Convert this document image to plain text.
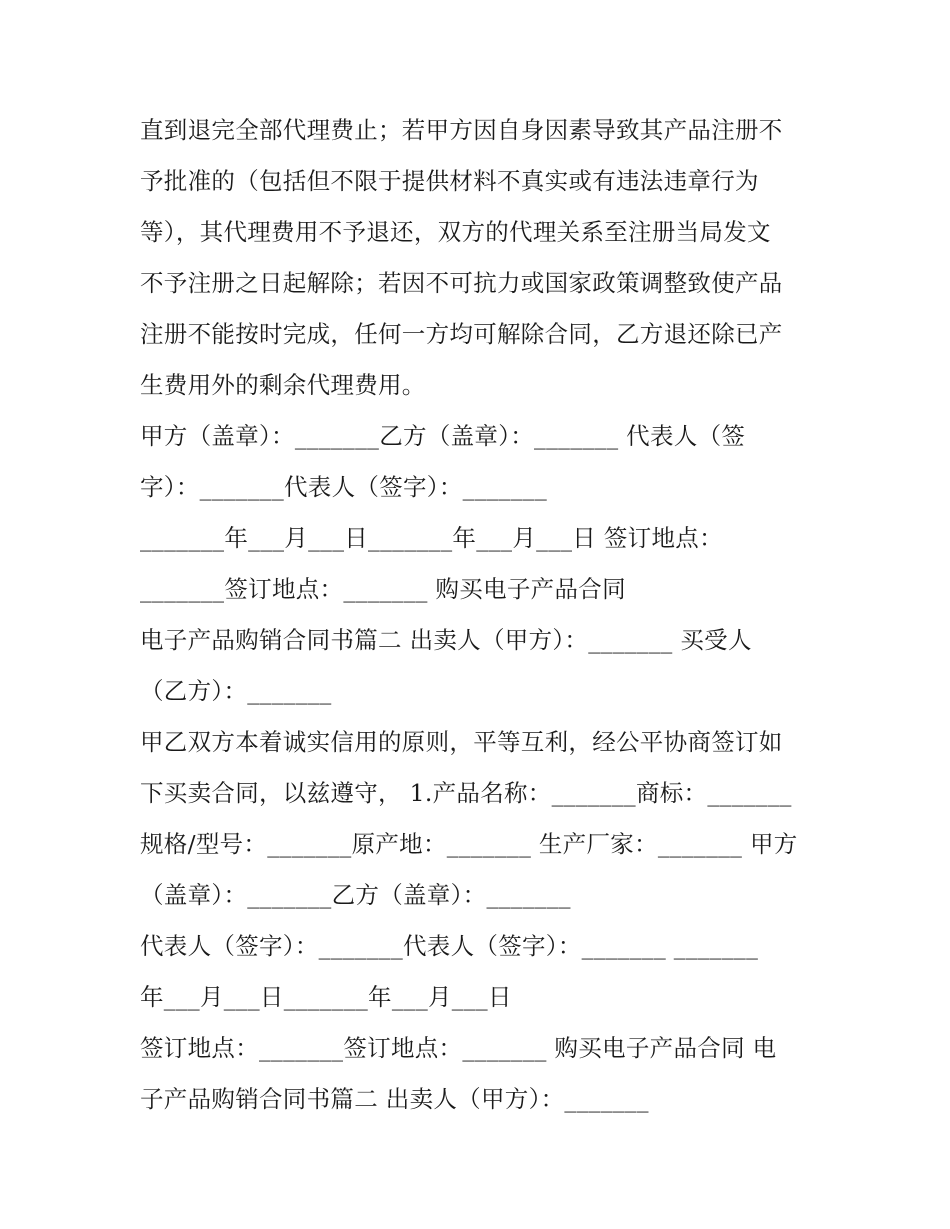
直到退完全部代理费止；若甲方因自身因素导致其产品注册不
予批准的（包括但不限于提供材料不真实或有违法违章行为
等），其代理费用不予退还，双方的代理关系至注册当局发文
不予注册之日起解除；若因不可抗力或国家政策调整致使产品
注册不能按时完成，任何一方均可解除合同，乙方退还除已产
生费用外的剩余代理费用。
甲方（盖章）：_______乙方（盖章）：_______ 代表人（签
字）：_______代表人（签字）：_______
_______年___月___日_______年___月___日 签订地点：
_______签订地点：_______ 购买电子产品合同
电子产品购销合同书篇二 出卖人（甲方）：_______ 买受人
（乙方）：_______
甲乙双方本着诚实信用的原则，平等互利，经公平协商签订如
下买卖合同，以兹遵守， 1.产品名称：_______商标：_______
规格/型号：_______原产地：_______ 生产厂家：_______ 甲方
（盖章）：_______乙方（盖章）：_______
代表人（签字）：_______代表人（签字）：_______ _______
年___月___日_______年___月___日
签订地点：_______签订地点：_______ 购买电子产品合同 电
子产品购销合同书篇二 出卖人（甲方）：_______
